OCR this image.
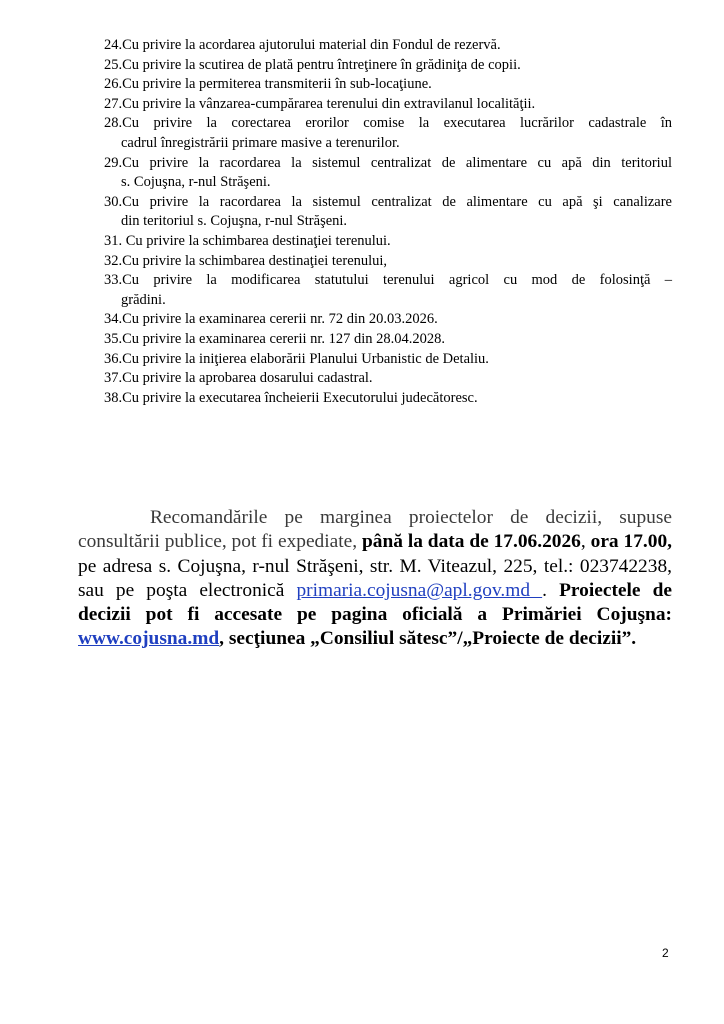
24.Cu privire la acordarea ajutorului material din Fondul de rezervă.
25.Cu privire la scutirea de plată pentru întreţinere în grădiniţa de copii.
26.Cu privire la permiterea transmiterii în sub-locaţiune.
27.Cu privire la vânzarea-cumpărarea terenului din extravilanul localităţii.
28.Cu privire la corectarea erorilor comise la executarea lucrărilor cadastrale în
cadrul înregistrării primare masive a terenurilor.
29.Cu privire la racordarea la sistemul centralizat de alimentare cu apă din teritoriul
s. Cojuşna, r-nul Străşeni.
30.Cu privire la racordarea la sistemul centralizat de alimentare cu apă şi canalizare
din teritoriul s. Cojuşna, r-nul Străşeni.
31. Cu privire la schimbarea destinaţiei terenului.
32.Cu privire la schimbarea destinaţiei terenului,
33.Cu privire la modificarea statutului terenului agricol cu mod de folosinţă –
grădini.
34.Cu privire la examinarea cererii nr. 72 din 20.03.2026.
35.Cu privire la examinarea cererii nr. 127 din 28.04.2028.
36.Cu privire la iniţierea elaborării Planului Urbanistic de Detaliu.
37.Cu privire la aprobarea dosarului cadastral.
38.Cu privire la executarea încheierii Executorului judecătoresc.

Recomandările pe marginea proiectelor de decizii, supuse consultării publice, pot fi expediate, până la data de 17.06.2026, ora 17.00, pe adresa s. Cojuşna, r-nul Străşeni, str. M. Viteazul, 225, tel.: 023742238, sau pe poşta electronică primaria.cojusna@apl.gov.md . Proiectele de decizii pot fi accesate pe pagina oficială a Primăriei Cojuşna: www.cojusna.md, secţiunea „Consiliul sătesc”/„Proiecte de decizii”.

2
